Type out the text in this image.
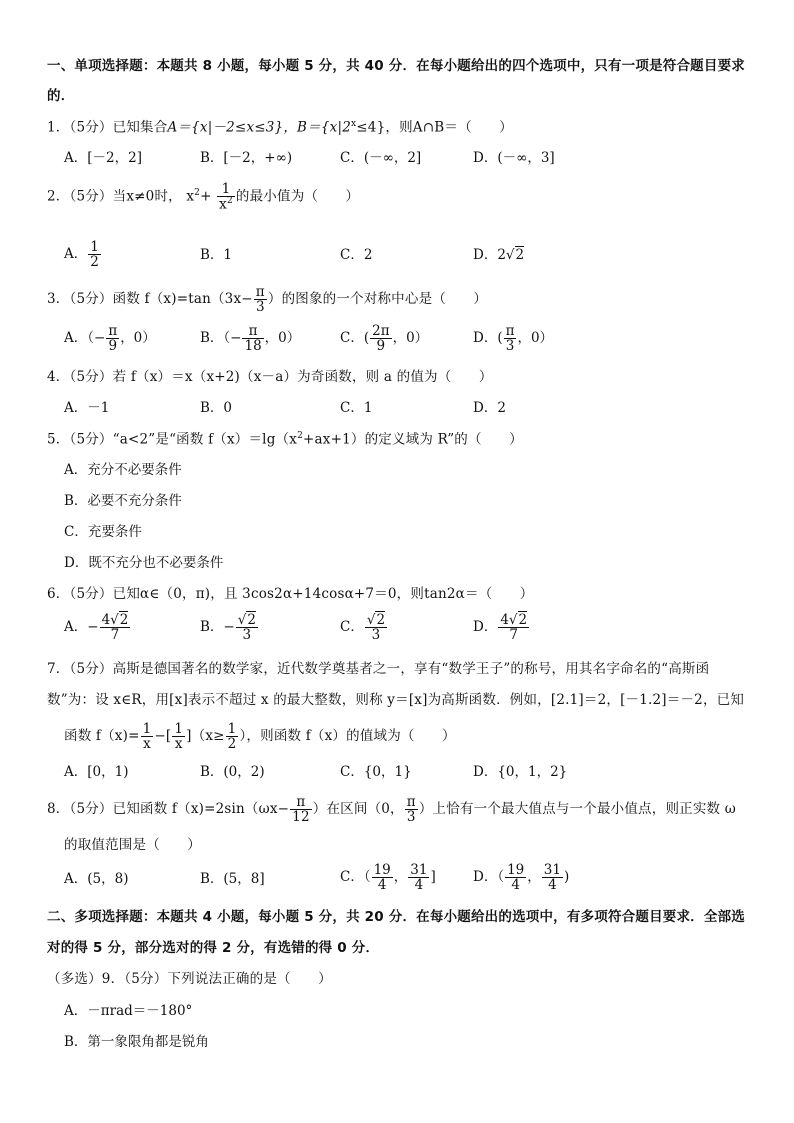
一、单项选择题：本题共 8 小题，每小题 5 分，共 40 分．在每小题给出的四个选项中，只有一项是符合题目要求
的．
1．（5分）已知集合A＝{x|－2≤x≤3}，$B=\{x|2^x\le 4\}$，则A∩B＝（　　）
A．[－2，2]	B．[－2，+∞)	C．(－∞，2]	D．(－∞，3]
2．（5分）当x≠0时， $x^2+ \frac{1}{x^2}$ 的最小值为（　　）
A． $\frac{1}{2}$	B．1	C．2	D．2√2
3．（5分）函数 $f(x)=\tan(3x- \frac{\pi}{3}$ ）的图象的一个对称中心是（　　）
A．（− $\frac{\pi}{9}$ ，0）	B．（− $\frac{\pi}{18}$ ，0）	C．( $\frac{2\pi}{9}$ ，0）	D．( $\frac{\pi}{3}$ ，0）
4．（5分）若 f（x）＝x（x+2)（x－a）为奇函数，则 a 的值为（　　）
A．－1	B．0	C．1	D．2
5．（5分）“a<2”是“函数 $f(x)=\lg(x^2+ax+1)$的定义域为 R”的（　　）
A．充分不必要条件
B．必要不充分条件
C．充要条件
D．既不充分也不必要条件
6．（5分）已知α∈（0，π)，且 3cos2α+14cosα+7＝0，则tan2α＝（　　）
A．− $\frac{4√2}{7}$	B．− $\frac{√2}{3}$	C． $\frac{√2}{3}$	D． $\frac{4√2}{7}$
7．（5分）高斯是德国著名的数学家，近代数学奠基者之一，享有“数学王子”的称号，用其名字命名的“高斯函
数”为：设 x∈R，用[x]表示不超过 x 的最大整数，则称 y＝[x]为高斯函数．例如，[2.1]＝2，[－1.2]＝－2，已知
函数 $f(x)= \frac{1}{x}$ −[ $\frac{1}{x} ](x\ge \frac{1}{2}$ ），则函数 f（x）的值域为（　　）
A．[0，1)	B．(0，2)	C．{0，1}	D．{0，1，2}
8．（5分）已知函数 $f(x)=2\sin(\omega x- \frac{\pi}{12}$ ）在区间（0， $\frac{\pi}{3}$ ）上恰有一个最大值点与一个最小值点，则正实数 ω
的取值范围是（　　）
A．(5，8)	B．(5，8]	C．（ $\frac{19}{4}$ ， $\frac{31}{4}$ ]	D．（ $\frac{19}{4}$ ， $\frac{31}{4}$ )
二、多项选择题：本题共 4 小题，每小题 5 分，共 20 分．在每小题给出的选项中，有多项符合题目要求．全部选
对的得 5 分，部分选对的得 2 分，有选错的得 0 分．
（多选）9．（5分）下列说法正确的是（　　）
A．－πrad＝－180°
B．第一象限角都是锐角
